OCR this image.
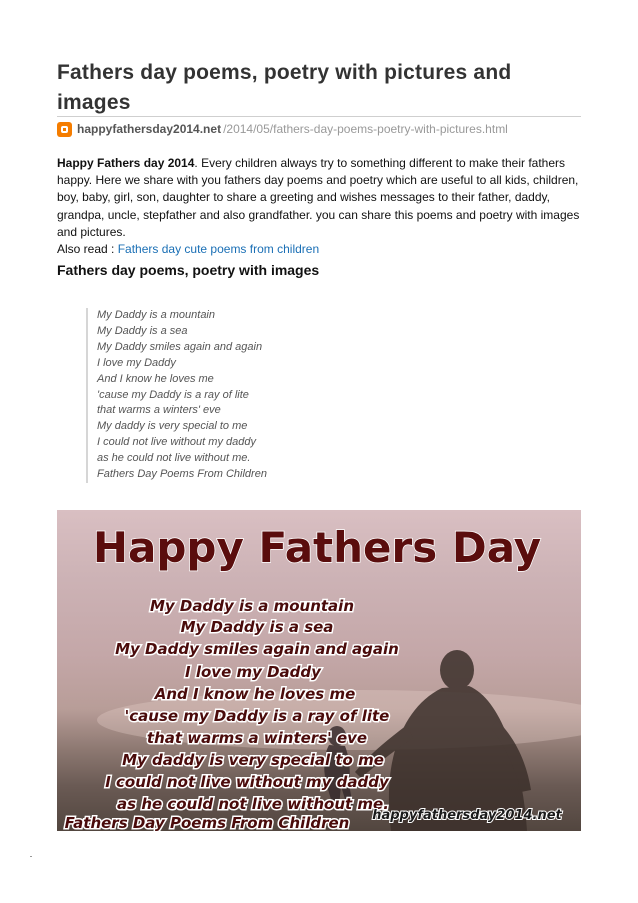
Fathers day poems, poetry with pictures and images
happyfathersday2014.net /2014/05/fathers-day-poems-poetry-with-pictures.html

Happy Fathers day 2014. Every children always try to something different to make their fathers happy. Here we share with you fathers day poems and poetry which are useful to all kids, children, boy, baby, girl, son, daughter to share a greeting and wishes messages to their father, daddy, grandpa, uncle, stepfather and also grandfather. you can share this poems and poetry with images and pictures.
Also read : Fathers day cute poems from children

Fathers day poems, poetry with images
My Daddy is a mountain
My Daddy is a sea
My Daddy smiles again and again
I love my Daddy
And I know he loves me
'cause my Daddy is a ray of lite
that warms a winters' eve
My daddy is very special to me
I could not live without my daddy
as he could not live without me.
Fathers Day Poems From Children
Happy Fathers Day
My Daddy is a mountain
My Daddy is a sea
My Daddy smiles again and again
I love my Daddy
And I know he loves me
'cause my Daddy is a ray of lite
that warms a winters' eve
My daddy is very special to me
I could not live without my daddy
as he could not live without me.
Fathers Day Poems From Children happyfathersday2014.net
